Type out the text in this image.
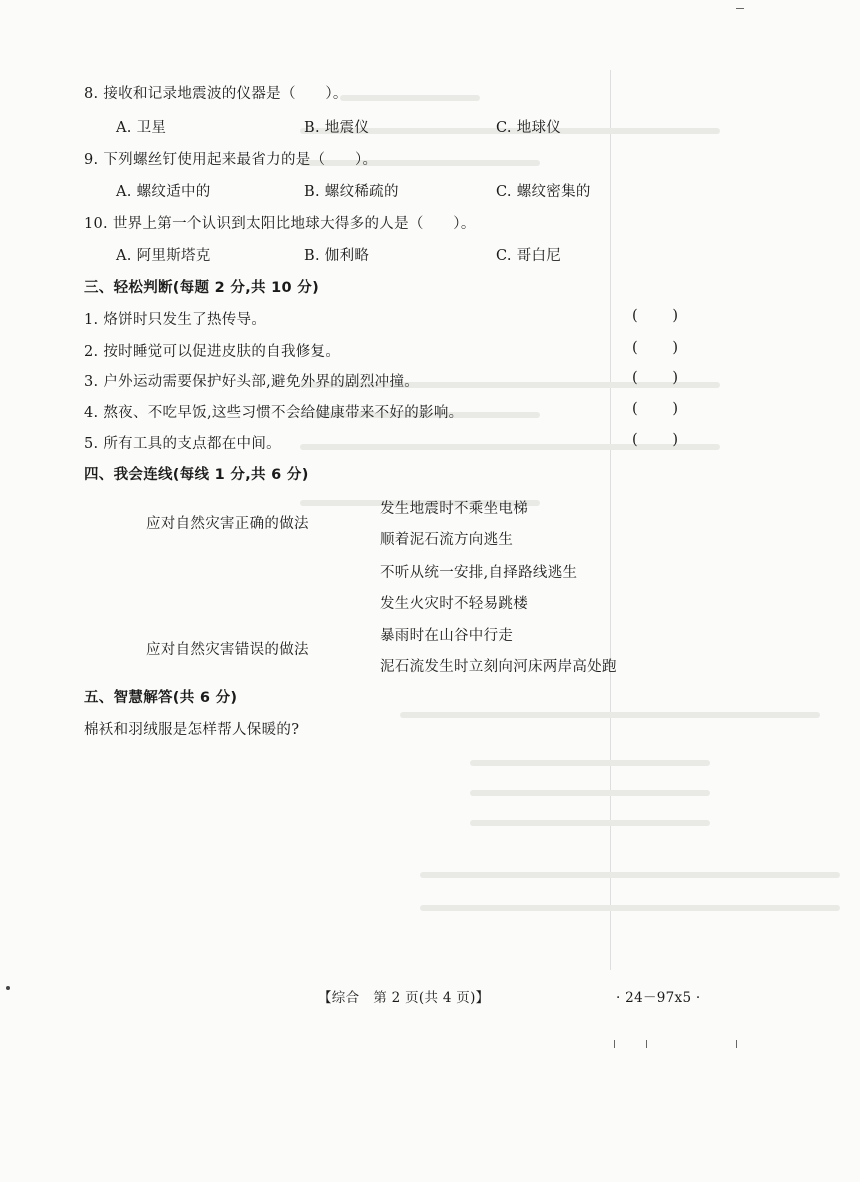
8. 接收和记录地震波的仪器是（　　）。
A. 卫星	B. 地震仪	C. 地球仪
9. 下列螺丝钉使用起来最省力的是（　　）。
A. 螺纹适中的	B. 螺纹稀疏的	C. 螺纹密集的
10. 世界上第一个认识到太阳比地球大得多的人是（　　）。
A. 阿里斯塔克	B. 伽利略	C. 哥白尼
三、轻松判断(每题 2 分,共 10 分)
1. 烙饼时只发生了热传导。	( )
2. 按时睡觉可以促进皮肤的自我修复。	( )
3. 户外运动需要保护好头部,避免外界的剧烈冲撞。	( )
4. 熬夜、不吃早饭,这些习惯不会给健康带来不好的影响。	( )
5. 所有工具的支点都在中间。	( )
四、我会连线(每线 1 分,共 6 分)
应对自然灾害正确的做法
应对自然灾害错误的做法
发生地震时不乘坐电梯
顺着泥石流方向逃生
不听从统一安排,自择路线逃生
发生火灾时不轻易跳楼
暴雨时在山谷中行走
泥石流发生时立刻向河床两岸高处跑
五、智慧解答(共 6 分)
棉袄和羽绒服是怎样帮人保暖的?
【综合　第 2 页(共 4 页)】	· 24－97x5 ·
